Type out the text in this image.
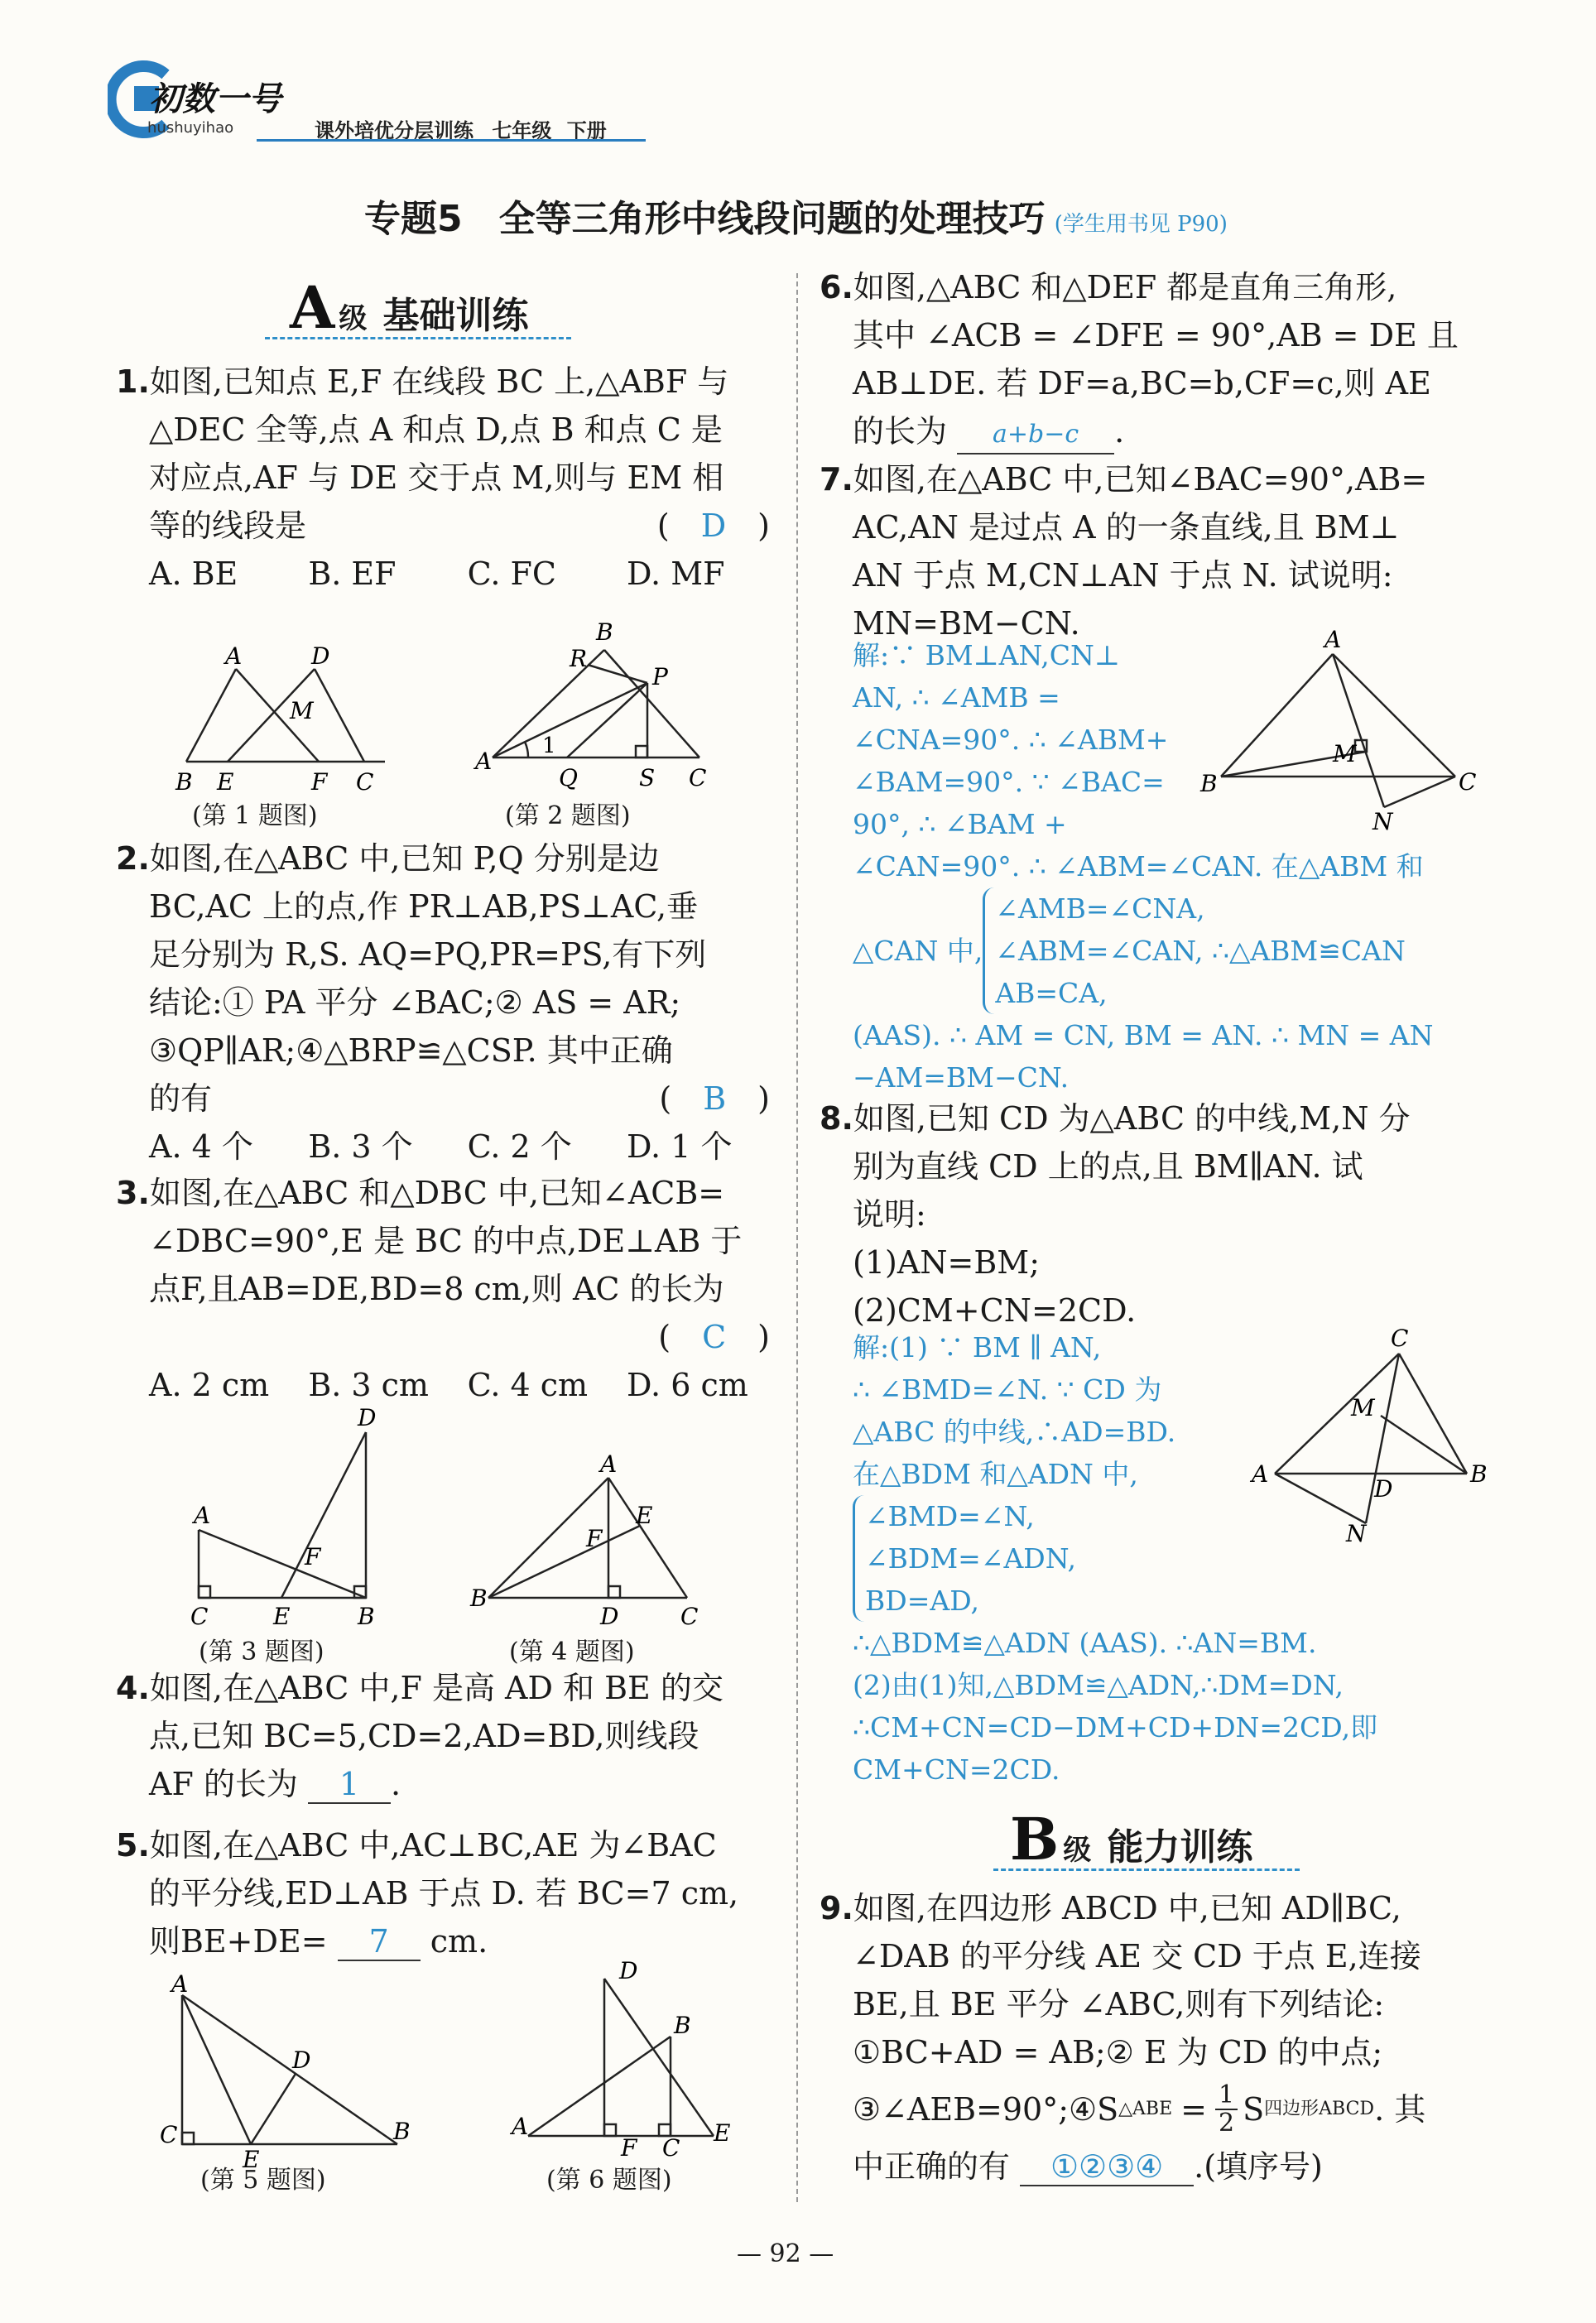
初数一号
hushuyihao	课外培优分层训练 七年级 下册
专题5　全等三角形中线段问题的处理技巧 (学生用书见 P90)
A 级 基础训练
1.如图,已知点 E,F 在线段 BC 上,△ABF 与
△DEC 全等,点 A 和点 D,点 B 和点 C 是
对应点,AF 与 DE 交于点 M,则与 EM 相
等的线段是	(　D　)
A. BE	B. EF	C. FC	D. MF
A	D
M
B E	F C
(第 1 题图)
B
R
P
1
A
Q	S C
(第 2 题图)
2.如图,在△ABC 中,已知 P,Q 分别是边
BC,AC 上的点,作 PR⊥AB,PS⊥AC,垂
足分别为 R,S. AQ=PQ,PR=PS,有下列
结论:① PA 平分 ∠BAC;② AS = AR;
③QP∥AR;④△BRP≌△CSP. 其中正确
的有	(　B　)
A. 4 个	B. 3 个	C. 2 个	D. 1 个
3.如图,在△ABC 和△DBC 中,已知∠ACB=
∠DBC=90°,E 是 BC 的中点,DE⊥AB 于
点F,且AB=DE,BD=8 cm,则 AC 的长为
(　C　)
A. 2 cm	B. 3 cm	C. 4 cm	D. 6 cm
D
A
F
C	E	B
(第 3 题图)
A
F
E
B
D	C
(第 4 题图)
4.如图,在△ABC 中,F 是高 AD 和 BE 的交
点,已知 BC=5,CD=2,AD=BD,则线段
AF 的长为 1 .
5.如图,在△ABC 中,AC⊥BC,AE 为∠BAC
的平分线,ED⊥AB 于点 D. 若 BC=7 cm,
则BE+DE= 7 cm.
A
D
C
E
B
(第 5 题图)
D
B
A
F C
E
(第 6 题图)
6.如图,△ABC 和△DEF 都是直角三角形,
其中 ∠ACB = ∠DFE = 90°,AB = DE 且
AB⊥DE. 若 DF=a,BC=b,CF=c,则 AE
的长为 a+b−c .
7.如图,在△ABC 中,已知∠BAC=90°,AB=
AC,AN 是过点 A 的一条直线,且 BM⊥
AN 于点 M,CN⊥AN 于点 N. 试说明:
MN=BM−CN.
解:∵ BM⊥AN,CN⊥
AN, ∴ ∠AMB =
∠CNA=90°. ∴ ∠ABM+
∠BAM=90°. ∵ ∠BAC=
90°, ∴ ∠BAM +
∠CAN=90°. ∴ ∠ABM=∠CAN. 在△ABM 和
△CAN 中,
∠AMB=∠CNA,
∠ABM=∠CAN, ∴△ABM≌CAN
AB=CA,
(AAS). ∴ AM = CN, BM = AN. ∴ MN = AN
−AM=BM−CN.
A
M
B	C
N
8.如图,已知 CD 为△ABC 的中线,M,N 分
别为直线 CD 上的点,且 BM∥AN. 试
说明:
(1)AN=BM;
(2)CM+CN=2CD.
解:(1) ∵ BM ∥ AN,
∴ ∠BMD=∠N. ∵ CD 为
△ABC 的中线,∴AD=BD.
在△BDM 和△ADN 中,
∠BMD=∠N,
∠BDM=∠ADN,
BD=AD,
∴△BDM≌△ADN (AAS). ∴AN=BM.
(2)由(1)知,△BDM≌△ADN,∴DM=DN,
∴CM+CN=CD−DM+CD+DN=2CD,即
CM+CN=2CD.
C
M
A
D
B
N
B 级 能力训练
9.如图,在四边形 ABCD 中,已知 AD∥BC,
∠DAB 的平分线 AE 交 CD 于点 E,连接
BE,且 BE 平分 ∠ABC,则有下列结论:
①BC+AD = AB;② E 为 CD 的中点;
③∠AEB=90°;④S △ABE = $\frac{1}{2}$ S 四边形ABCD . 其
中正确的有 ①②③④ .(填序号)
— 92 —
